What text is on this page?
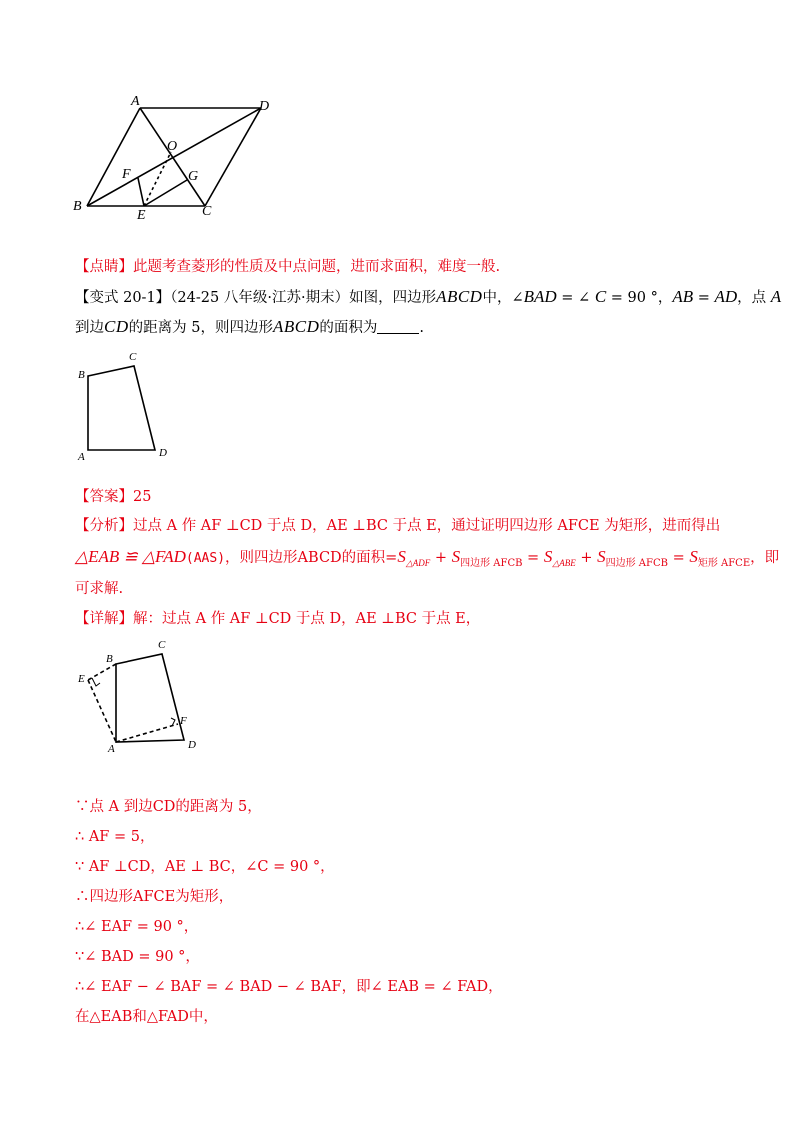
A	D
O
F	G
B
E	C
【点睛】此题考查菱形的性质及中点问题，进而求面积，难度一般.
【变式 20-1】（24-25 八年级·江苏·期末）如图，四边形ABCD中，∠BAD = ∠ C = 90 °，AB = AD，点 A
到边CD的距离为 5，则四边形ABCD的面积为	.
B
C
A	D
【答案】25
【分析】过点 A 作 AF ⊥CD 于点 D，AE ⊥BC 于点 E，通过证明四边形 AFCE 为矩形，进而得出
△EAB ≌ △FAD(AAS)，则四边形ABCD的面积$=S_{\triangle ADF} + S_{四边形 AFCB} = S_{\triangle ABE} + S_{四边形 AFCB} = S_{矩形 AFCE}$，即
可求解.
【详解】解：过点 A 作 AF ⊥CD 于点 D，AE ⊥BC 于点 E，
B
C
E
F
A	D
∵点 A 到边CD的距离为 5，
∴ AF = 5，
∵ AF ⊥CD，AE ⊥ BC，∠C = 90 °，
∴四边形AFCE为矩形，
∴∠ EAF = 90 °，
∵∠ BAD = 90 °，
∴∠ EAF − ∠ BAF = ∠ BAD − ∠ BAF，即∠ EAB = ∠ FAD，
在△EAB和△FAD中，
